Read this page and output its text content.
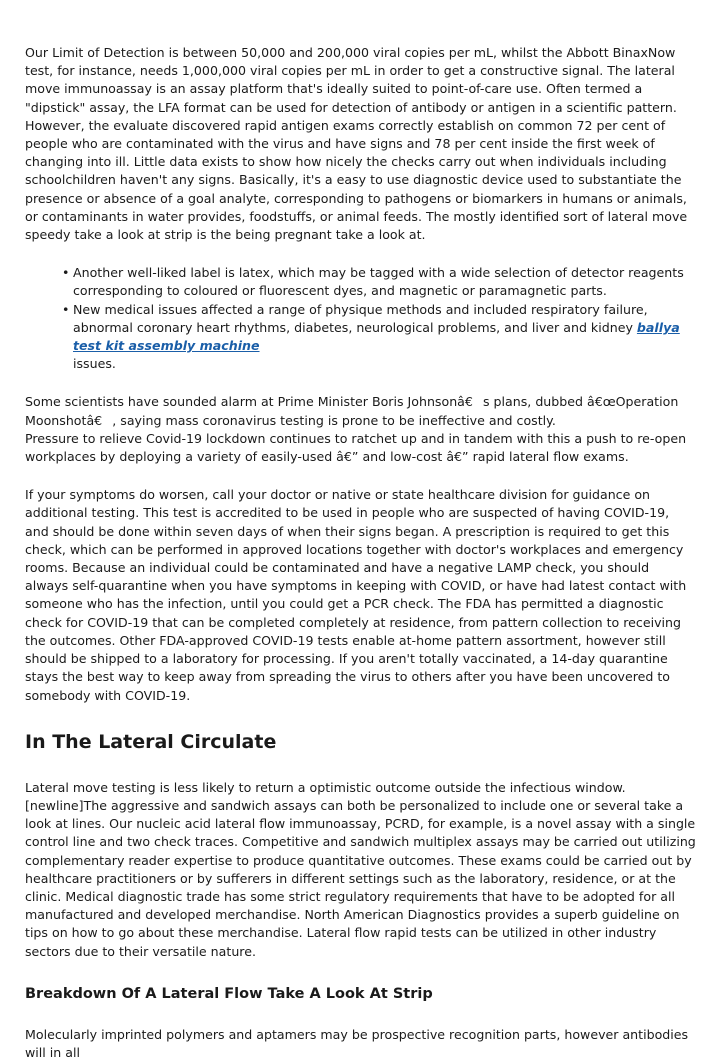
Our Limit of Detection is between 50,000 and 200,000 viral copies per mL, whilst the Abbott BinaxNow test, for instance, needs 1,000,000 viral copies per mL in order to get a constructive signal. The lateral move immunoassay is an assay platform that's ideally suited to point-of-care use. Often termed a "dipstick" assay, the LFA format can be used for detection of antibody or antigen in a scientific pattern. However, the evaluate discovered rapid antigen exams correctly establish on common 72 per cent of people who are contaminated with the virus and have signs and 78 per cent inside the first week of changing into ill. Little data exists to show how nicely the checks carry out when individuals including schoolchildren haven't any signs. Basically, it's a easy to use diagnostic device used to substantiate the presence or absence of a goal analyte, corresponding to pathogens or biomarkers in humans or animals, or contaminants in water provides, foodstuffs, or animal feeds. The mostly identified sort of lateral move speedy take a look at strip is the being pregnant take a look at.

• Another well-liked label is latex, which may be tagged with a wide selection of detector reagents corresponding to coloured or fluorescent dyes, and magnetic or paramagnetic parts.
• New medical issues affected a range of physique methods and included respiratory failure, abnormal coronary heart rhythms, diabetes, neurological problems, and liver and kidney ballya test kit assembly machine
issues.

Some scientists have sounded alarm at Prime Minister Boris Johnsonâ€s plans, dubbed â€œOperation Moonshotâ€, saying mass coronavirus testing is prone to be ineffective and costly.

Pressure to relieve Covid-19 lockdown continues to ratchet up and in tandem with this a push to re-open workplaces by deploying a variety of easily-used â€” and low-cost â€” rapid lateral flow exams.

If your symptoms do worsen, call your doctor or native or state healthcare division for guidance on additional testing. This test is accredited to be used in people who are suspected of having COVID-19, and should be done within seven days of when their signs began. A prescription is required to get this check, which can be performed in approved locations together with doctor's workplaces and emergency rooms. Because an individual could be contaminated and have a negative LAMP check, you should always self-quarantine when you have symptoms in keeping with COVID, or have had latest contact with someone who has the infection, until you could get a PCR check. The FDA has permitted a diagnostic check for COVID-19 that can be completed completely at residence, from pattern collection to receiving the outcomes. Other FDA-approved COVID-19 tests enable at-home pattern assortment, however still should be shipped to a laboratory for processing. If you aren't totally vaccinated, a 14-day quarantine stays the best way to keep away from spreading the virus to others after you have been uncovered to somebody with COVID-19.

In The Lateral Circulate

Lateral move testing is less likely to return a optimistic outcome outside the infectious window. [newline]The aggressive and sandwich assays can both be personalized to include one or several take a look at lines. Our nucleic acid lateral flow immunoassay, PCRD, for example, is a novel assay with a single control line and two check traces. Competitive and sandwich multiplex assays may be carried out utilizing complementary reader expertise to produce quantitative outcomes. These exams could be carried out by healthcare practitioners or by sufferers in different settings such as the laboratory, residence, or at the clinic. Medical diagnostic trade has some strict regulatory requirements that have to be adopted for all manufactured and developed merchandise. North American Diagnostics provides a superb guideline on tips on how to go about these merchandise. Lateral flow rapid tests can be utilized in other industry sectors due to their versatile nature.

Breakdown Of A Lateral Flow Take A Look At Strip

Molecularly imprinted polymers and aptamers may be prospective recognition parts, however antibodies will in all
